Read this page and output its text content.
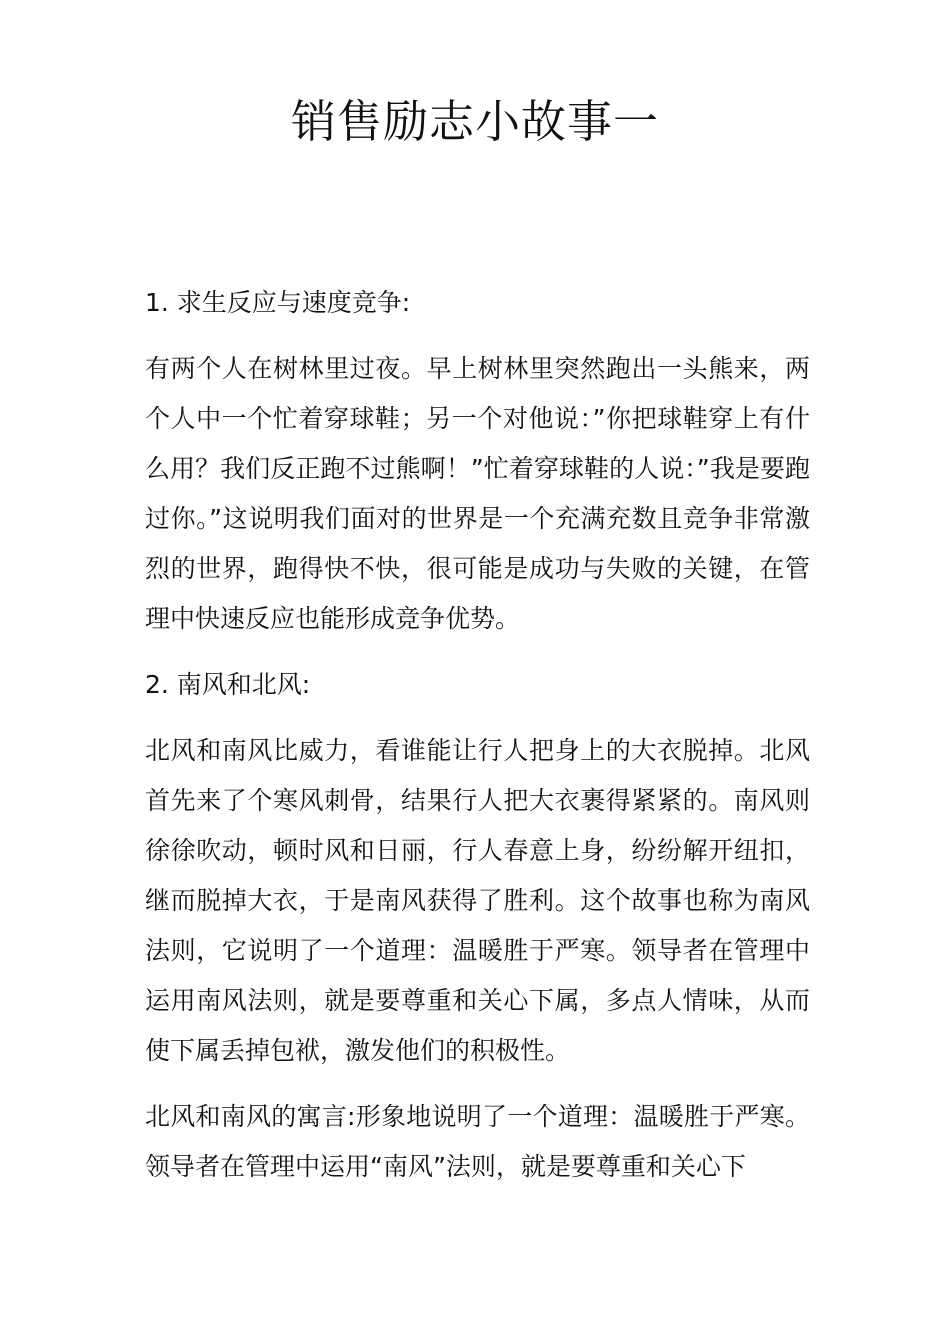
销售励志小故事一

1. 求生反应与速度竞争:

有两个人在树林里过夜。早上树林里突然跑出一头熊来，两个人中一个忙着穿球鞋；另一个对他说：”你把球鞋穿上有什么用？我们反正跑不过熊啊！”忙着穿球鞋的人说：”我是要跑过你。”这说明我们面对的世界是一个充满充数且竞争非常激烈的世界，跑得快不快，很可能是成功与失败的关键，在管理中快速反应也能形成竞争优势。

2. 南风和北风:

北风和南风比威力，看谁能让行人把身上的大衣脱掉。北风首先来了个寒风刺骨，结果行人把大衣裹得紧紧的。南风则徐徐吹动，顿时风和日丽，行人春意上身，纷纷解开纽扣，继而脱掉大衣，于是南风获得了胜利。这个故事也称为南风法则，它说明了一个道理：温暖胜于严寒。领导者在管理中运用南风法则，就是要尊重和关心下属，多点人情味，从而使下属丢掉包袱，激发他们的积极性。

北风和南风的寓言:形象地说明了一个道理：温暖胜于严寒。领导者在管理中运用“南风”法则，就是要尊重和关心下
